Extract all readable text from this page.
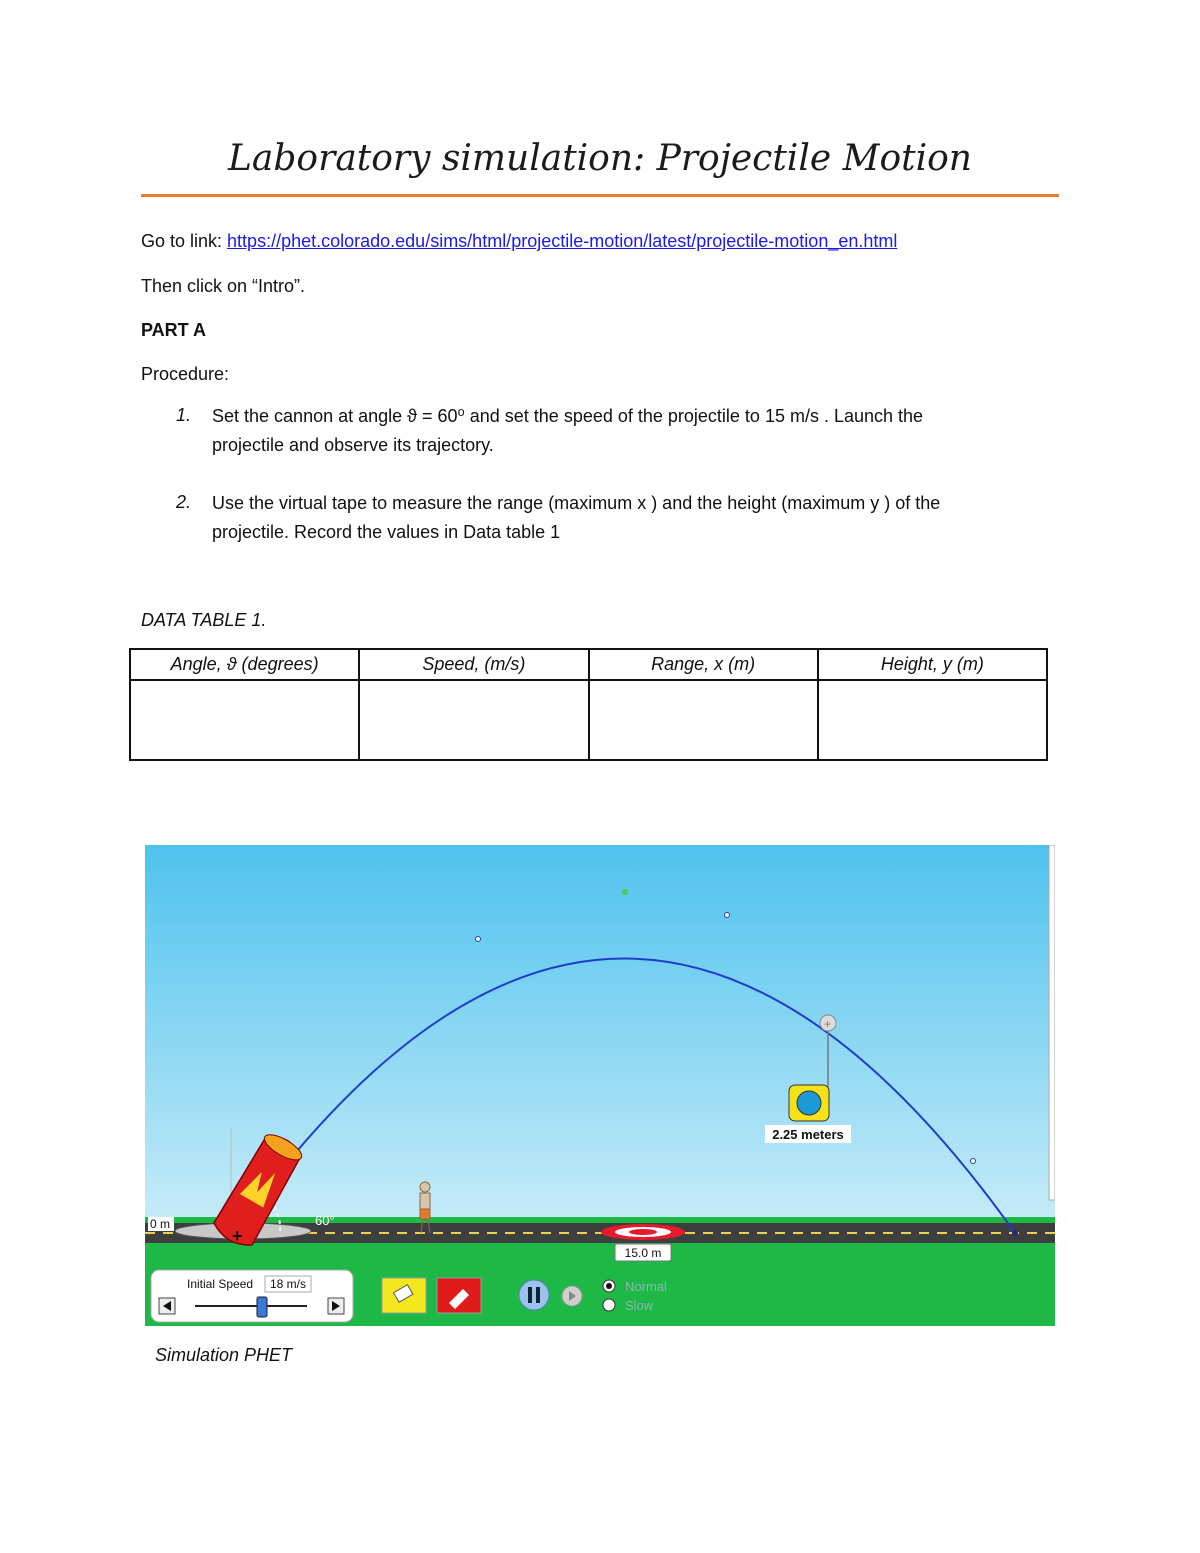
Laboratory simulation: Projectile Motion
Go to link: https://phet.colorado.edu/sims/html/projectile-motion/latest/projectile-motion_en.html
Then click on “Intro”.
PART A
Procedure:
1. Set the cannon at angle ϑ = 60⁰ and set the speed of the projectile to 15 m/s . Launch the
projectile and observe its trajectory.
2. Use the virtual tape to measure the range (maximum x ) and the height (maximum y ) of the
projectile. Record the values in Data table 1
DATA TABLE 1.
Angle, ϑ (degrees)	Speed, (m/s)	Range, x (m)	Height, y (m)

+
+
2.25 meters
0 m	60°
15.0 m
Initial Speed 18 m/s	Normal
Slow
Simulation PHET
